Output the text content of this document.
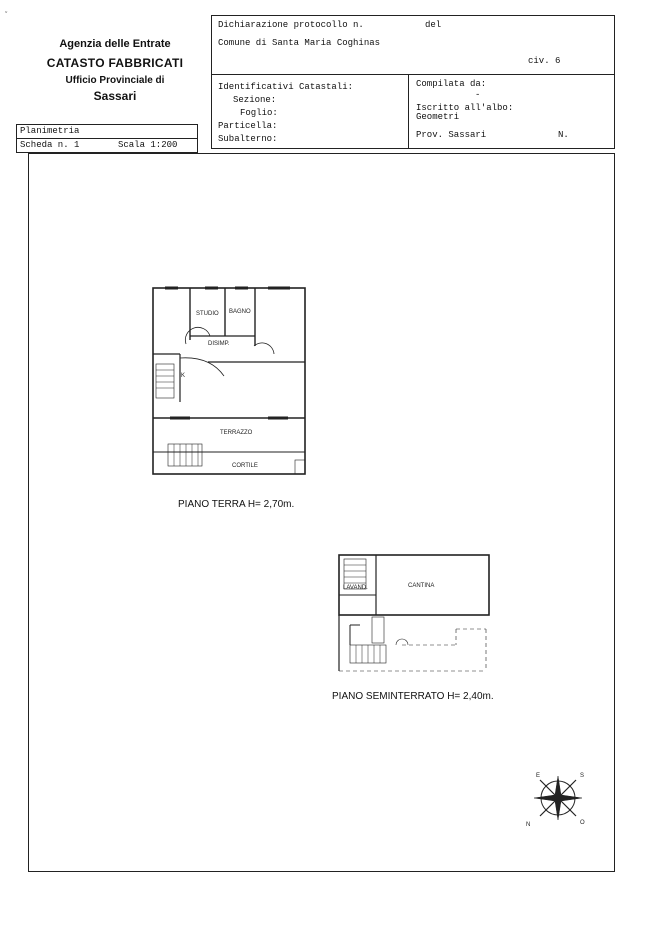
ˇ
Agenzia delle Entrate
CATASTO FABBRICATI
Ufficio Provinciale di
Sassari
Dichiarazione protocollo n.	del
Comune di Santa Maria Coghinas
civ. 6
Identificativi Catastali:
Sezione:
Foglio:
Particella:
Subalterno:
Compilata da:
-
Iscritto all'albo:
Geometri
Prov. Sassari	N.
Planimetria
Scheda n. 1	Scala 1:200
STUDIO BAGNO
DISIMP.
K
TERRAZZO
CORTILE
PIANO TERRA H= 2,70m.
LAVAND.	CANTINA
PIANO SEMINTERRATO H= 2,40m.
E	S
N	O
